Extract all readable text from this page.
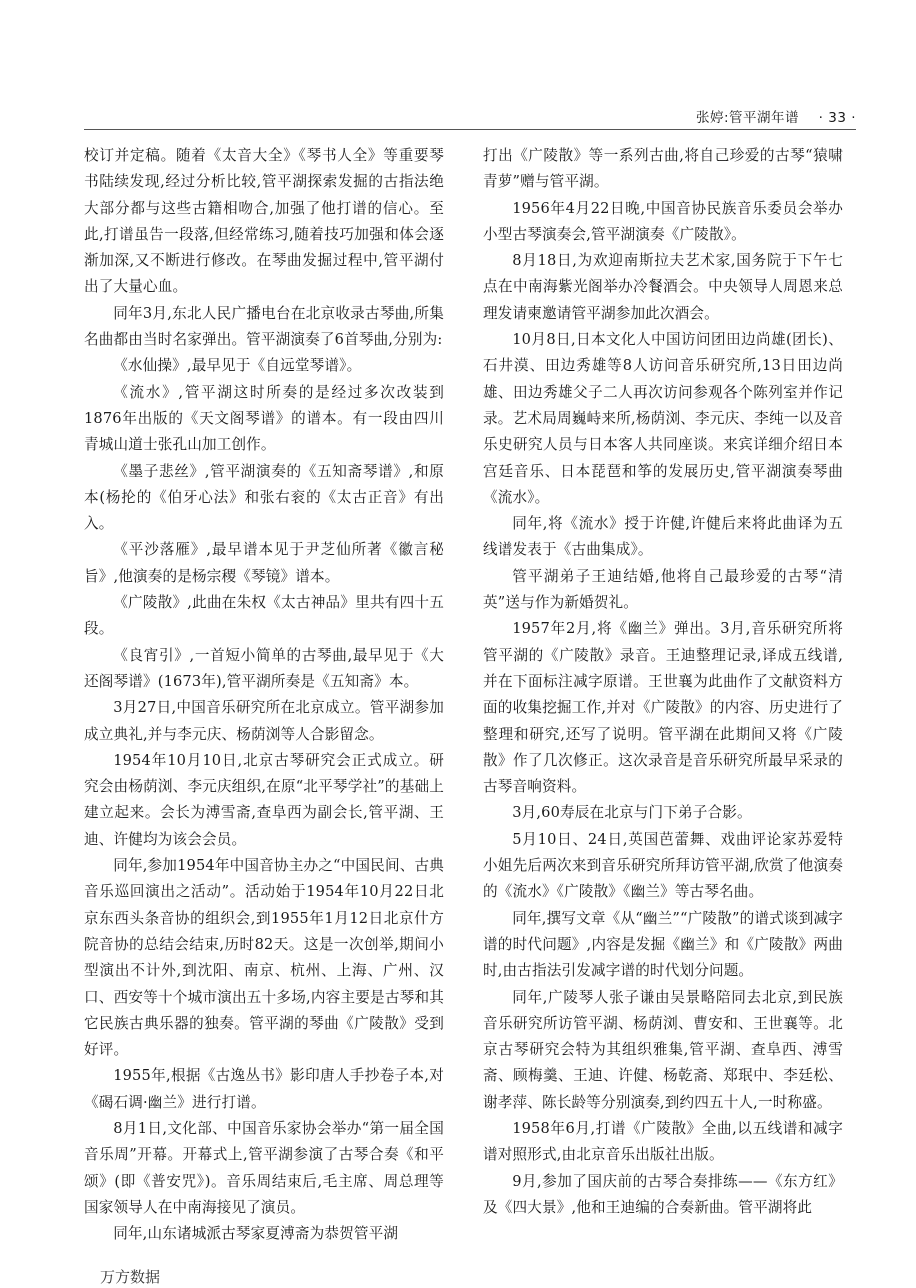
张婷:管平湖年谱 · 33 ·

校订并定稿。随着《太音大全》《琴书人全》等重要琴书陆续发现,经过分析比较,管平湖探索发掘的古指法绝大部分都与这些古籍相吻合,加强了他打谱的信心。至此,打谱虽告一段落,但经常练习,随着技巧加强和体会逐渐加深,又不断进行修改。在琴曲发掘过程中,管平湖付出了大量心血。

同年3月,东北人民广播电台在北京收录古琴曲,所集名曲都由当时名家弹出。管平湖演奏了6首琴曲,分别为:

《水仙操》,最早见于《自远堂琴谱》。

《流水》,管平湖这时所奏的是经过多次改装到1876年出版的《天文阁琴谱》的谱本。有一段由四川青城山道士张孔山加工创作。

《墨子悲丝》,管平湖演奏的《五知斋琴谱》,和原本(杨抡的《伯牙心法》和张右衮的《太古正音》有出入。

《平沙落雁》,最早谱本见于尹芝仙所著《徽言秘旨》,他演奏的是杨宗稷《琴镜》谱本。

《广陵散》,此曲在朱权《太古神品》里共有四十五段。

《良宵引》,一首短小简单的古琴曲,最早见于《大还阁琴谱》(1673年),管平湖所奏是《五知斋》本。

3月27日,中国音乐研究所在北京成立。管平湖参加成立典礼,并与李元庆、杨荫浏等人合影留念。

1954年10月10日,北京古琴研究会正式成立。研究会由杨荫浏、李元庆组织,在原“北平琴学社”的基础上建立起来。会长为溥雪斋,查阜西为副会长,管平湖、王迪、许健均为该会会员。

同年,参加1954年中国音协主办之“中国民间、古典音乐巡回演出之活动”。活动始于1954年10月22日北京东西头条音协的组织会,到1955年1月12日北京什方院音协的总结会结束,历时82天。这是一次创举,期间小型演出不计外,到沈阳、南京、杭州、上海、广州、汉口、西安等十个城市演出五十多场,内容主要是古琴和其它民族古典乐器的独奏。管平湖的琴曲《广陵散》受到好评。

1955年,根据《古逸丛书》影印唐人手抄卷子本,对《碣石调·幽兰》进行打谱。

8月1日,文化部、中国音乐家协会举办“第一届全国音乐周”开幕。开幕式上,管平湖参演了古琴合奏《和平颂》(即《普安咒》)。音乐周结束后,毛主席、周总理等国家领导人在中南海接见了演员。

同年,山东诸城派古琴家夏溥斋为恭贺管平湖

打出《广陵散》等一系列古曲,将自己珍爱的古琴“猿啸青萝”赠与管平湖。

1956年4月22日晚,中国音协民族音乐委员会举办小型古琴演奏会,管平湖演奏《广陵散》。

8月18日,为欢迎南斯拉夫艺术家,国务院于下午七点在中南海紫光阁举办冷餐酒会。中央领导人周恩来总理发请柬邀请管平湖参加此次酒会。

10月8日,日本文化人中国访问团田边尚雄(团长)、石井漠、田边秀雄等8人访问音乐研究所,13日田边尚雄、田边秀雄父子二人再次访问参观各个陈列室并作记录。艺术局周巍峙来所,杨荫浏、李元庆、李纯一以及音乐史研究人员与日本客人共同座谈。来宾详细介绍日本宫廷音乐、日本琵琶和筝的发展历史,管平湖演奏琴曲《流水》。

同年,将《流水》授于许健,许健后来将此曲译为五线谱发表于《古曲集成》。

管平湖弟子王迪结婚,他将自己最珍爱的古琴“清英”送与作为新婚贺礼。

1957年2月,将《幽兰》弹出。3月,音乐研究所将管平湖的《广陵散》录音。王迪整理记录,译成五线谱,并在下面标注减字原谱。王世襄为此曲作了文献资料方面的收集挖掘工作,并对《广陵散》的内容、历史进行了整理和研究,还写了说明。管平湖在此期间又将《广陵散》作了几次修正。这次录音是音乐研究所最早采录的古琴音响资料。

3月,60寿辰在北京与门下弟子合影。

5月10日、24日,英国芭蕾舞、戏曲评论家苏爱特小姐先后两次来到音乐研究所拜访管平湖,欣赏了他演奏的《流水》《广陵散》《幽兰》等古琴名曲。

同年,撰写文章《从“幽兰”“广陵散”的谱式谈到减字谱的时代问题》,内容是发掘《幽兰》和《广陵散》两曲时,由古指法引发减字谱的时代划分问题。

同年,广陵琴人张子谦由吴景略陪同去北京,到民族音乐研究所访管平湖、杨荫浏、曹安和、王世襄等。北京古琴研究会特为其组织雅集,管平湖、查阜西、溥雪斋、顾梅羹、王迪、许健、杨乾斋、郑珉中、李廷松、谢孝萍、陈长龄等分别演奏,到约四五十人,一时称盛。

1958年6月,打谱《广陵散》全曲,以五线谱和减字谱对照形式,由北京音乐出版社出版。

9月,参加了国庆前的古琴合奏排练——《东方红》及《四大景》,他和王迪编的合奏新曲。管平湖将此

万方数据
